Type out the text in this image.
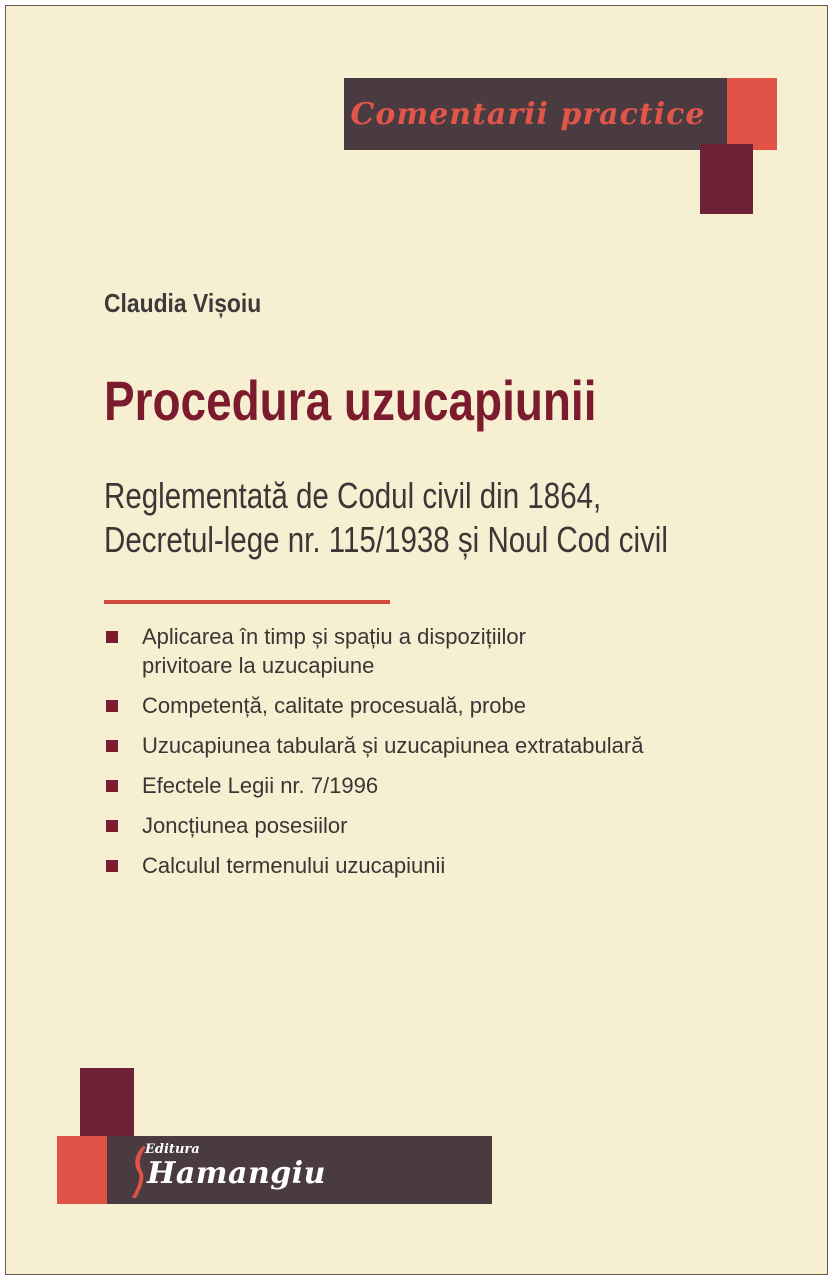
Comentarii practice
Claudia Vișoiu
Procedura uzucapiunii
Reglementată de Codul civil din 1864,
Decretul-lege nr. 115/1938 și Noul Cod civil
Aplicarea în timp și spațiu a dispozițiilor
privitoare la uzucapiune
Competență, calitate procesuală, probe
Uzucapiunea tabulară și uzucapiunea extratabulară
Efectele Legii nr. 7/1996
Joncțiunea posesiilor
Calculul termenului uzucapiunii
Editura
Hamangiu
